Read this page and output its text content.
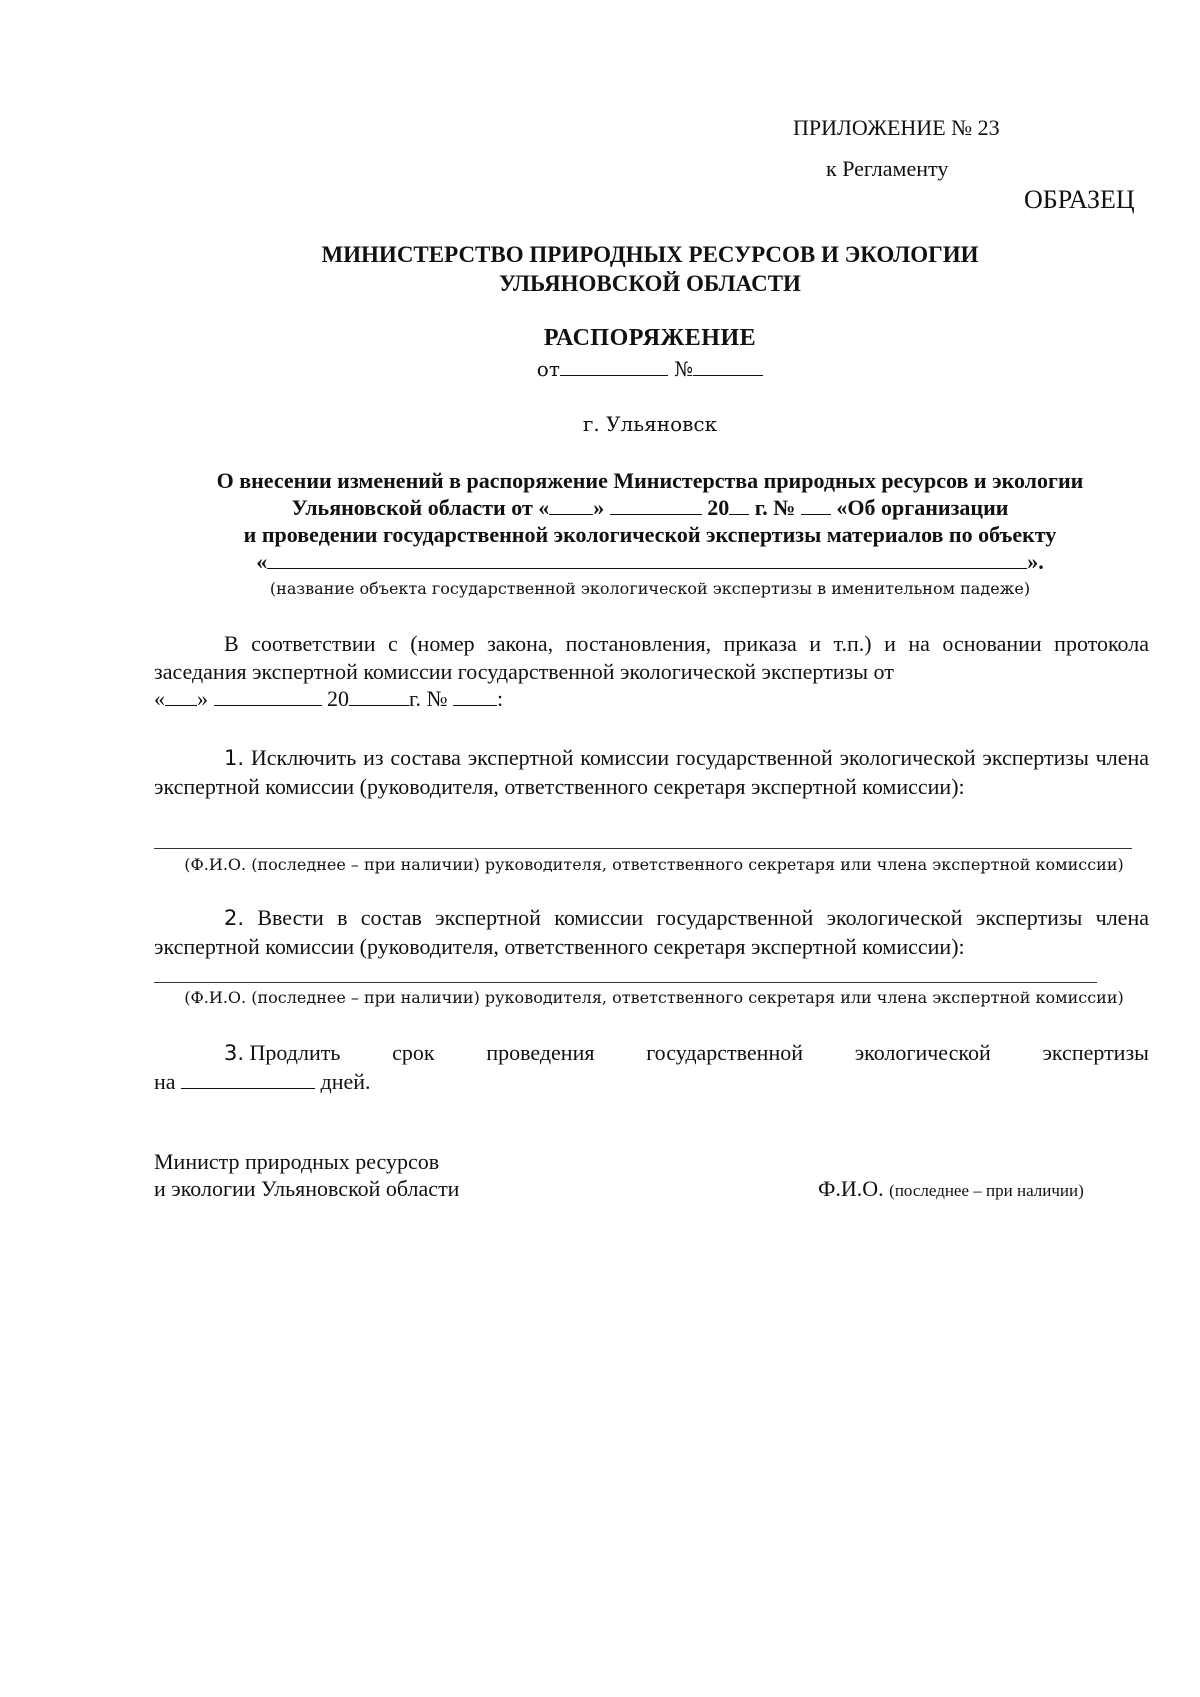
ПРИЛОЖЕНИЕ № 23
к Регламенту
ОБРАЗЕЦ
МИНИСТЕРСТВО ПРИРОДНЫХ РЕСУРСОВ И ЭКОЛОГИИ
УЛЬЯНОВСКОЙ ОБЛАСТИ
РАСПОРЯЖЕНИЕ
от	№
г. Ульяновск
О внесении изменений в распоряжение Министерства природных ресурсов и экологии
Ульяновской области от « »	20 г. № «Об организации
и проведении государственной экологической экспертизы материалов по объекту
«	».
(название объекта государственной экологической экспертизы в именительном падеже)
В соответствии с (номер закона, постановления, приказа и т.п.) и на основании протокола заседания экспертной комиссии государственной экологической экспертизы от
« »	20	г. № :
1. Исключить из состава экспертной комиссии государственной экологической экспертизы члена экспертной комиссии (руководителя, ответственного секретаря экспертной комиссии):
(Ф.И.О. (последнее – при наличии) руководителя, ответственного секретаря или члена экспертной комиссии)
2. Ввести в состав экспертной комиссии государственной экологической экспертизы члена экспертной комиссии (руководителя, ответственного секретаря экспертной комиссии):
(Ф.И.О. (последнее – при наличии) руководителя, ответственного секретаря или члена экспертной комиссии)
3. Продлить срок проведения государственной экологической экспертизы
на	дней.
Министр природных ресурсов
и экологии Ульяновской области	Ф.И.О. (последнее – при наличии)
